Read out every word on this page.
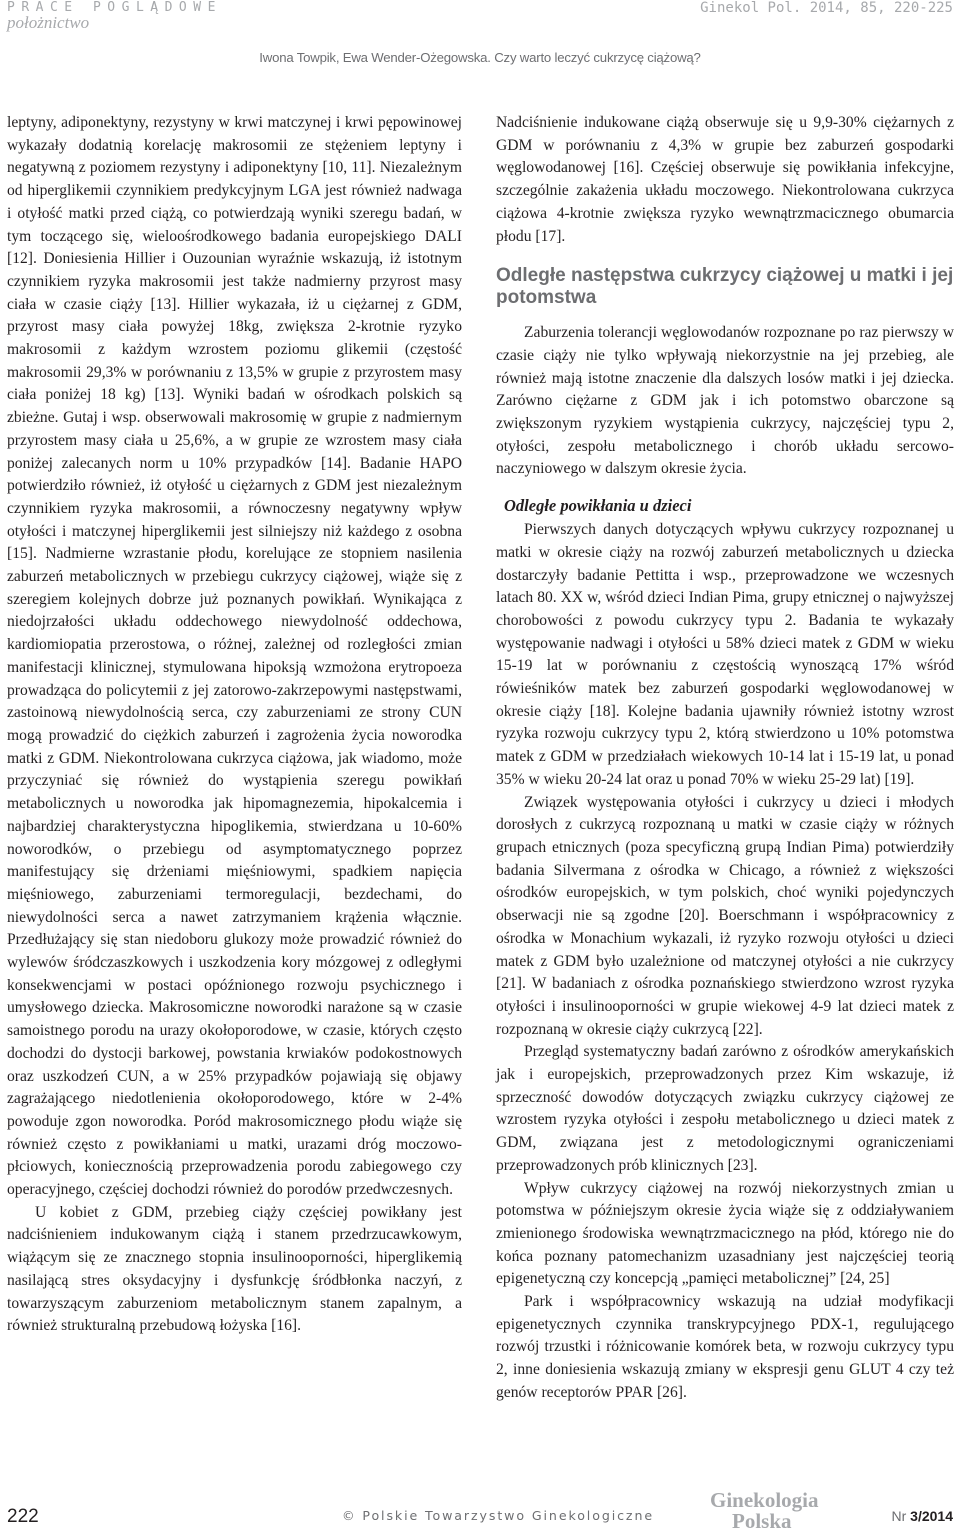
PRACE POGLĄDOWE
położnictwo
Ginekol Pol. 2014, 85, 220-225
Iwona Towpik, Ewa Wender-Ożegowska. Czy warto leczyć cukrzycę ciążową?

leptyny, adiponektyny, rezystyny w krwi matczynej i krwi pępowinowej wykazały dodatnią korelację makrosomii ze stężeniem leptyny i negatywną z poziomem rezystyny i adiponektyny [10, 11]. Niezależnym od hiperglikemii czynnikiem predykcyjnym LGA jest również nadwaga i otyłość matki przed ciążą, co potwierdzają wyniki szeregu badań, w tym toczącego się, wieloośrodkowego badania europejskiego DALI [12]. Doniesienia Hillier i Ouzounian wyraźnie wskazują, iż istotnym czynnikiem ryzyka makrosomii jest także nadmierny przyrost masy ciała w czasie ciąży [13]. Hillier wykazała, iż u ciężarnej z GDM, przyrost masy ciała powyżej 18kg, zwiększa 2-krotnie ryzyko makrosomii z każdym wzrostem poziomu glikemii (częstość makrosomii 29,3% w porównaniu z 13,5% w grupie z przyrostem masy ciała poniżej 18 kg) [13]. Wyniki badań w ośrodkach polskich są zbieżne. Gutaj i wsp. obserwowali makrosomię w grupie z nadmiernym przyrostem masy ciała u 25,6%, a w grupie ze wzrostem masy ciała poniżej zalecanych norm u 10% przypadków [14]. Badanie HAPO potwierdziło również, iż otyłość u ciężarnych z GDM jest niezależnym czynnikiem ryzyka makrosomii, a równoczesny negatywny wpływ otyłości i matczynej hiperglikemii jest silniejszy niż każdego z osobna [15]. Nadmierne wzrastanie płodu, korelujące ze stopniem nasilenia zaburzeń metabolicznych w przebiegu cukrzycy ciążowej, wiąże się z szeregiem kolejnych dobrze już poznanych powikłań. Wynikająca z niedojrzałości układu oddechowego niewydolność oddechowa, kardiomiopatia przerostowa, o różnej, zależnej od rozległości zmian manifestacji klinicznej, stymulowana hipoksją wzmożona erytropoeza prowadząca do policytemii z jej zatorowo-zakrzepowymi następstwami, zastoinową niewydolnością serca, czy zaburzeniami ze strony CUN mogą prowadzić do ciężkich zaburzeń i zagrożenia życia noworodka matki z GDM. Niekontrolowana cukrzyca ciążowa, jak wiadomo, może przyczyniać się również do wystąpienia szeregu powikłań metabolicznych u noworodka jak hipomagnezemia, hipokalcemia i najbardziej charakterystyczna hipoglikemia, stwierdzana u 10-60% noworodków, o przebiegu od asymptomatycznego poprzez manifestujący się drżeniami mięśniowymi, spadkiem napięcia mięśniowego, zaburzeniami termoregulacji, bezdechami, do niewydolności serca a nawet zatrzymaniem krążenia włącznie. Przedłużający się stan niedoboru glukozy może prowadzić również do wylewów śródczaszkowych i uszkodzenia kory mózgowej z odległymi konsekwencjami w postaci opóźnionego rozwoju psychicznego i umysłowego dziecka. Makrosomiczne noworodki narażone są w czasie samoistnego porodu na urazy okołoporodowe, w czasie, których często dochodzi do dystocji barkowej, powstania krwiaków podokostnowych oraz uszkodzeń CUN, a w 25% przypadków pojawiają się objawy zagrażającego niedotlenienia okołoporodowego, które w 2-4% powoduje zgon noworodka. Poród makrosomicznego płodu wiąże się również często z powikłaniami u matki, urazami dróg moczowo-płciowych, koniecznością przeprowadzenia porodu zabiegowego czy operacyjnego, częściej dochodzi również do porodów przedwczesnych.

U kobiet z GDM, przebieg ciąży częściej powikłany jest nadciśnieniem indukowanym ciążą i stanem przedrzucawkowym, wiążącym się ze znacznego stopnia insulinooporności, hiperglikemią nasilającą stres oksydacyjny i dysfunkcję śródbłonka naczyń, z towarzyszącym zaburzeniom metabolicznym stanem zapalnym, a również strukturalną przebudową łożyska [16].

Nadciśnienie indukowane ciążą obserwuje się u 9,9-30% ciężarnych z GDM w porównaniu z 4,3% w grupie bez zaburzeń gospodarki węglowodanowej [16]. Częściej obserwuje się powikłania infekcyjne, szczególnie zakażenia układu moczowego. Niekontrolowana cukrzyca ciążowa 4-krotnie zwiększa ryzyko wewnątrzmacicznego obumarcia płodu [17].

Odległe następstwa cukrzycy ciążowej u matki i jej potomstwa

Zaburzenia tolerancji węglowodanów rozpoznane po raz pierwszy w czasie ciąży nie tylko wpływają niekorzystnie na jej przebieg, ale również mają istotne znaczenie dla dalszych losów matki i jej dziecka. Zarówno ciężarne z GDM jak i ich potomstwo obarczone są zwiększonym ryzykiem wystąpienia cukrzycy, najczęściej typu 2, otyłości, zespołu metabolicznego i chorób układu sercowo-naczyniowego w dalszym okresie życia.

Odległe powikłania u dzieci

Pierwszych danych dotyczących wpływu cukrzycy rozpoznanej u matki w okresie ciąży na rozwój zaburzeń metabolicznych u dziecka dostarczyły badanie Pettitta i wsp., przeprowadzone we wczesnych latach 80. XX w, wśród dzieci Indian Pima, grupy etnicznej o najwyższej chorobowości z powodu cukrzycy typu 2. Badania te wykazały występowanie nadwagi i otyłości u 58% dzieci matek z GDM w wieku 15-19 lat w porównaniu z częstością wynoszącą 17% wśród rówieśników matek bez zaburzeń gospodarki węglowodanowej w okresie ciąży [18]. Kolejne badania ujawniły również istotny wzrost ryzyka rozwoju cukrzycy typu 2, którą stwierdzono u 10% potomstwa matek z GDM w przedziałach wiekowych 10-14 lat i 15-19 lat, u ponad 35% w wieku 20-24 lat oraz u ponad 70% w wieku 25-29 lat) [19].

Związek występowania otyłości i cukrzycy u dzieci i młodych dorosłych z cukrzycą rozpoznaną u matki w czasie ciąży w różnych grupach etnicznych (poza specyficzną grupą Indian Pima) potwierdziły badania Silvermana z ośrodka w Chicago, a również z większości ośrodków europejskich, w tym polskich, choć wyniki pojedynczych obserwacji nie są zgodne [20]. Boerschmann i współpracownicy z ośrodka w Monachium wykazali, iż ryzyko rozwoju otyłości u dzieci matek z GDM było uzależnione od matczynej otyłości a nie cukrzycy [21]. W badaniach z ośrodka poznańskiego stwierdzono wzrost ryzyka otyłości i insulinooporności w grupie wiekowej 4-9 lat dzieci matek z rozpoznaną w okresie ciąży cukrzycą [22].

Przegląd systematyczny badań zarówno z ośrodków amerykańskich jak i europejskich, przeprowadzonych przez Kim wskazuje, iż sprzeczność dowodów dotyczących związku cukrzycy ciążowej ze wzrostem ryzyka otyłości i zespołu metabolicznego u dzieci matek z GDM, związana jest z metodologicznymi ograniczeniami przeprowadzonych prób klinicznych [23].

Wpływ cukrzycy ciążowej na rozwój niekorzystnych zmian u potomstwa w późniejszym okresie życia wiąże się z oddziaływaniem zmienionego środowiska wewnątrzmacicznego na płód, którego nie do końca poznany patomechanizm uzasadniany jest najczęściej teorią epigenetyczną czy koncepcją „pamięci metabolicznej” [24, 25]

Park i współpracownicy wskazują na udział modyfikacji epigenetycznych czynnika transkrypcyjnego PDX-1, regulującego rozwój trzustki i różnicowanie komórek beta, w rozwoju cukrzycy typu 2, inne doniesienia wskazują zmiany w ekspresji genu GLUT 4 czy też genów receptorów PPAR [26].

222	© Polskie Towarzystwo Ginekologiczne
Ginekologia
Polska	Nr 3/2014
